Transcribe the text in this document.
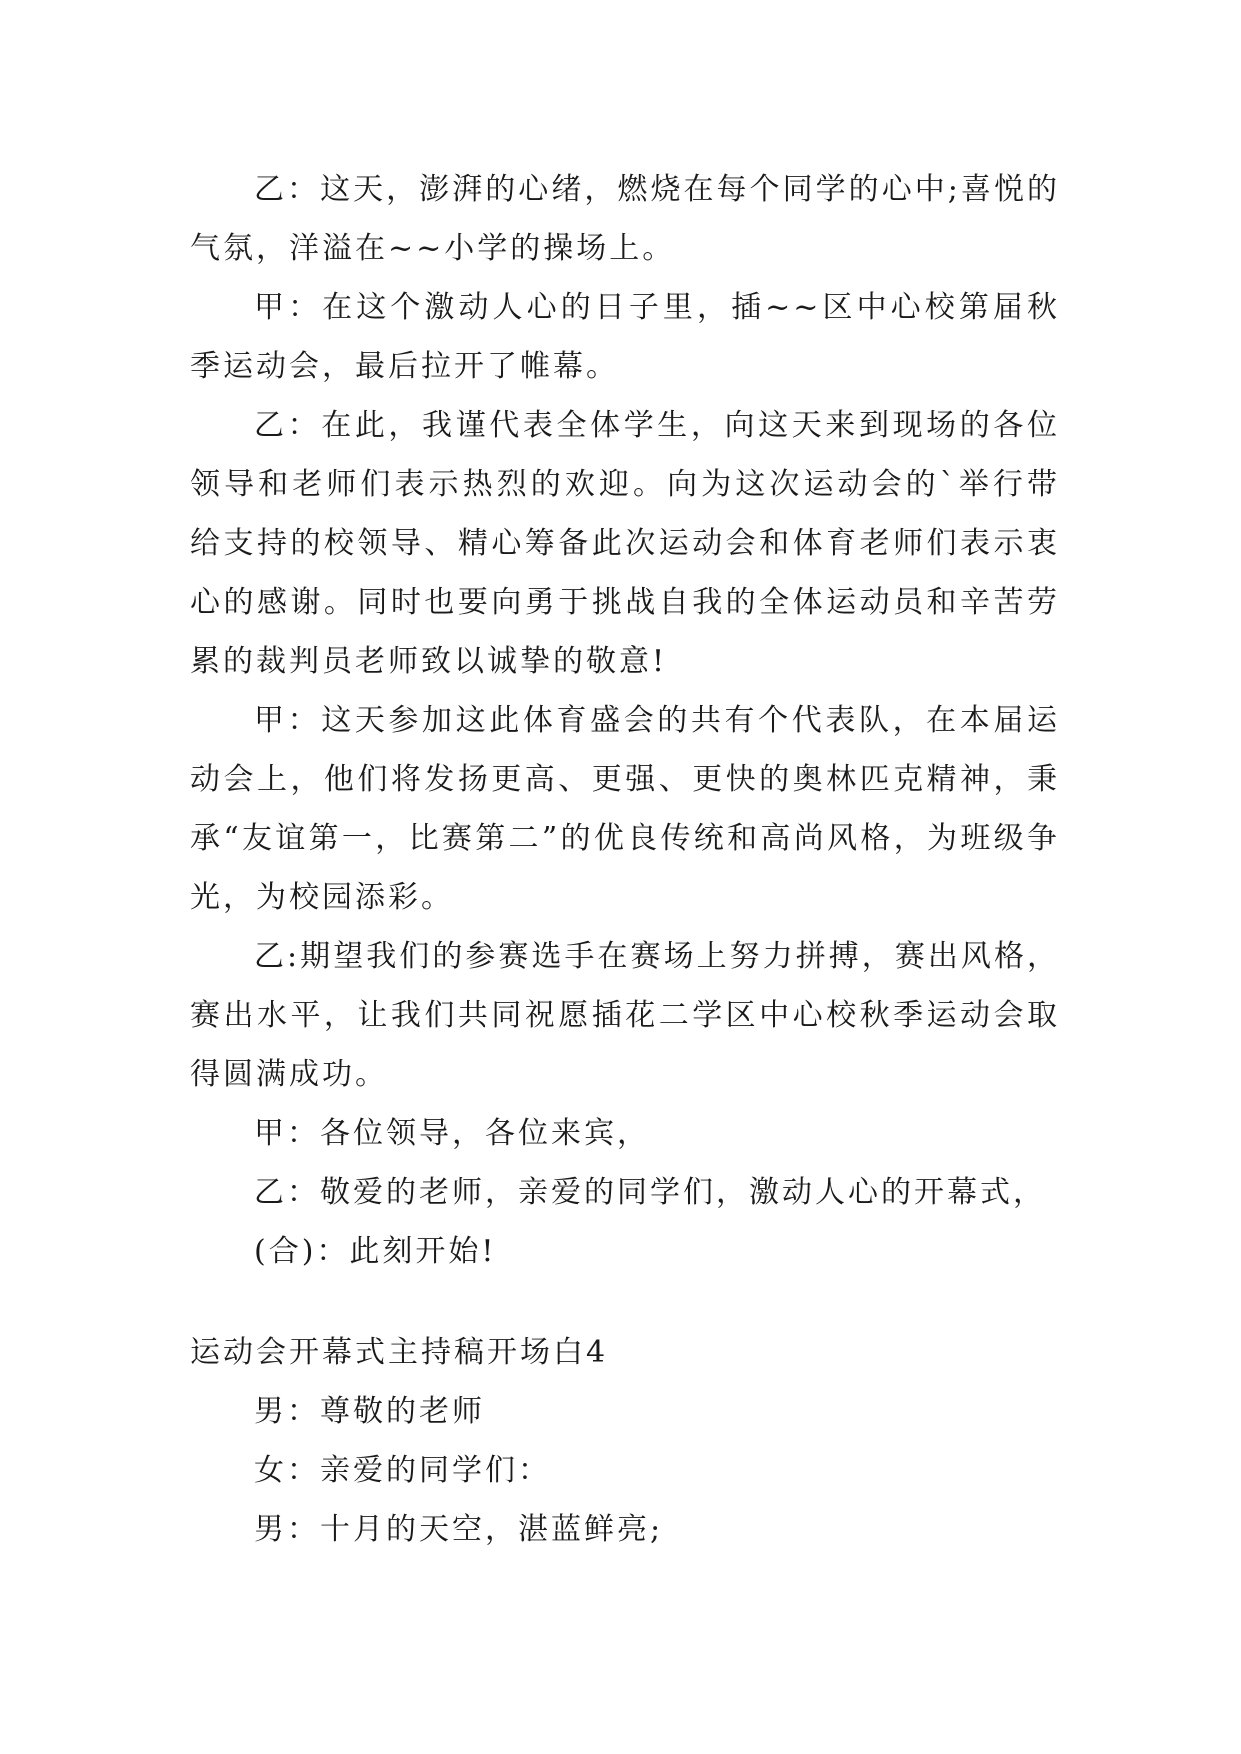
乙：这天，澎湃的心绪，燃烧在每个同学的心中;喜悦的气氛，洋溢在~~小学的操场上。

甲：在这个激动人心的日子里，插~~区中心校第届秋季运动会，最后拉开了帷幕。

乙：在此，我谨代表全体学生，向这天来到现场的各位领导和老师们表示热烈的欢迎。向为这次运动会的`举行带给支持的校领导、精心筹备此次运动会和体育老师们表示衷心的感谢。同时也要向勇于挑战自我的全体运动员和辛苦劳累的裁判员老师致以诚挚的敬意!

甲：这天参加这此体育盛会的共有个代表队，在本届运动会上，他们将发扬更高、更强、更快的奥林匹克精神，秉承“友谊第一，比赛第二”的优良传统和高尚风格，为班级争光，为校园添彩。

乙:期望我们的参赛选手在赛场上努力拼搏，赛出风格，赛出水平，让我们共同祝愿插花二学区中心校秋季运动会取得圆满成功。

甲：各位领导，各位来宾，

乙：敬爱的老师，亲爱的同学们，激动人心的开幕式，

(合)：此刻开始!

运动会开幕式主持稿开场白4

男：尊敬的老师

女：亲爱的同学们：

男：十月的天空，湛蓝鲜亮;
